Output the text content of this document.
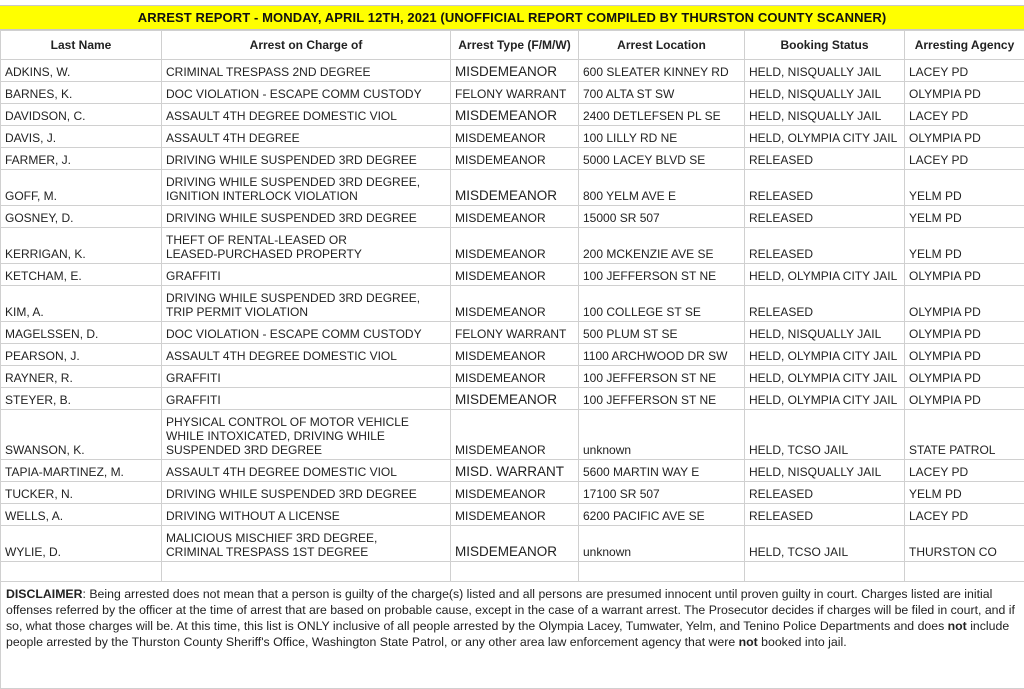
ARREST REPORT - MONDAY, APRIL 12TH, 2021 (UNOFFICIAL REPORT COMPILED BY THURSTON COUNTY SCANNER)
Last Name	Arrest on Charge of	Arrest Type (F/M/W)	Arrest Location	Booking Status	Arresting Agency
ADKINS, W.	CRIMINAL TRESPASS 2ND DEGREE	MISDEMEANOR	600 SLEATER KINNEY RD	HELD, NISQUALLY JAIL	LACEY PD
BARNES, K.	DOC VIOLATION - ESCAPE COMM CUSTODY	FELONY WARRANT	700 ALTA ST SW	HELD, NISQUALLY JAIL	OLYMPIA PD
DAVIDSON, C.	ASSAULT 4TH DEGREE DOMESTIC VIOL	MISDEMEANOR	2400 DETLEFSEN PL SE	HELD, NISQUALLY JAIL	LACEY PD
DAVIS, J.	ASSAULT 4TH DEGREE	MISDEMEANOR	100 LILLY RD NE	HELD, OLYMPIA CITY JAIL	OLYMPIA PD
FARMER, J.	DRIVING WHILE SUSPENDED 3RD DEGREE	MISDEMEANOR	5000 LACEY BLVD SE	RELEASED	LACEY PD
GOFF, M.	DRIVING WHILE SUSPENDED 3RD DEGREE,
IGNITION INTERLOCK VIOLATION	MISDEMEANOR	800 YELM AVE E	RELEASED	YELM PD
GOSNEY, D.	DRIVING WHILE SUSPENDED 3RD DEGREE	MISDEMEANOR	15000 SR 507	RELEASED	YELM PD
KERRIGAN, K.	THEFT OF RENTAL-LEASED OR
LEASED-PURCHASED PROPERTY	MISDEMEANOR	200 MCKENZIE AVE SE	RELEASED	YELM PD
KETCHAM, E.	GRAFFITI	MISDEMEANOR	100 JEFFERSON ST NE	HELD, OLYMPIA CITY JAIL	OLYMPIA PD
KIM, A.	DRIVING WHILE SUSPENDED 3RD DEGREE,
TRIP PERMIT VIOLATION	MISDEMEANOR	100 COLLEGE ST SE	RELEASED	OLYMPIA PD
MAGELSSEN, D.	DOC VIOLATION - ESCAPE COMM CUSTODY	FELONY WARRANT	500 PLUM ST SE	HELD, NISQUALLY JAIL	OLYMPIA PD
PEARSON, J.	ASSAULT 4TH DEGREE DOMESTIC VIOL	MISDEMEANOR	1100 ARCHWOOD DR SW	HELD, OLYMPIA CITY JAIL	OLYMPIA PD
RAYNER, R.	GRAFFITI	MISDEMEANOR	100 JEFFERSON ST NE	HELD, OLYMPIA CITY JAIL	OLYMPIA PD
STEYER, B.	GRAFFITI	MISDEMEANOR	100 JEFFERSON ST NE	HELD, OLYMPIA CITY JAIL	OLYMPIA PD
SWANSON, K.	PHYSICAL CONTROL OF MOTOR VEHICLE
WHILE INTOXICATED, DRIVING WHILE
SUSPENDED 3RD DEGREE	MISDEMEANOR	unknown	HELD, TCSO JAIL	STATE PATROL
TAPIA-MARTINEZ, M.	ASSAULT 4TH DEGREE DOMESTIC VIOL	MISD. WARRANT	5600 MARTIN WAY E	HELD, NISQUALLY JAIL	LACEY PD
TUCKER, N.	DRIVING WHILE SUSPENDED 3RD DEGREE	MISDEMEANOR	17100 SR 507	RELEASED	YELM PD
WELLS, A.	DRIVING WITHOUT A LICENSE	MISDEMEANOR	6200 PACIFIC AVE SE	RELEASED	LACEY PD
WYLIE, D.	MALICIOUS MISCHIEF 3RD DEGREE,
CRIMINAL TRESPASS 1ST DEGREE	MISDEMEANOR	unknown	HELD, TCSO JAIL	THURSTON CO

DISCLAIMER: Being arrested does not mean that a person is guilty of the charge(s) listed and all persons are presumed innocent until proven guilty in court. Charges listed are initial offenses referred by the officer at the time of arrest that are based on probable cause, except in the case of a warrant arrest. The Prosecutor decides if charges will be filed in court, and if so, what those charges will be. At this time, this list is ONLY inclusive of all people arrested by the Olympia Lacey, Tumwater, Yelm, and Tenino Police Departments and does not include people arrested by the Thurston County Sheriff's Office, Washington State Patrol, or any other area law enforcement agency that were not booked into jail.					
